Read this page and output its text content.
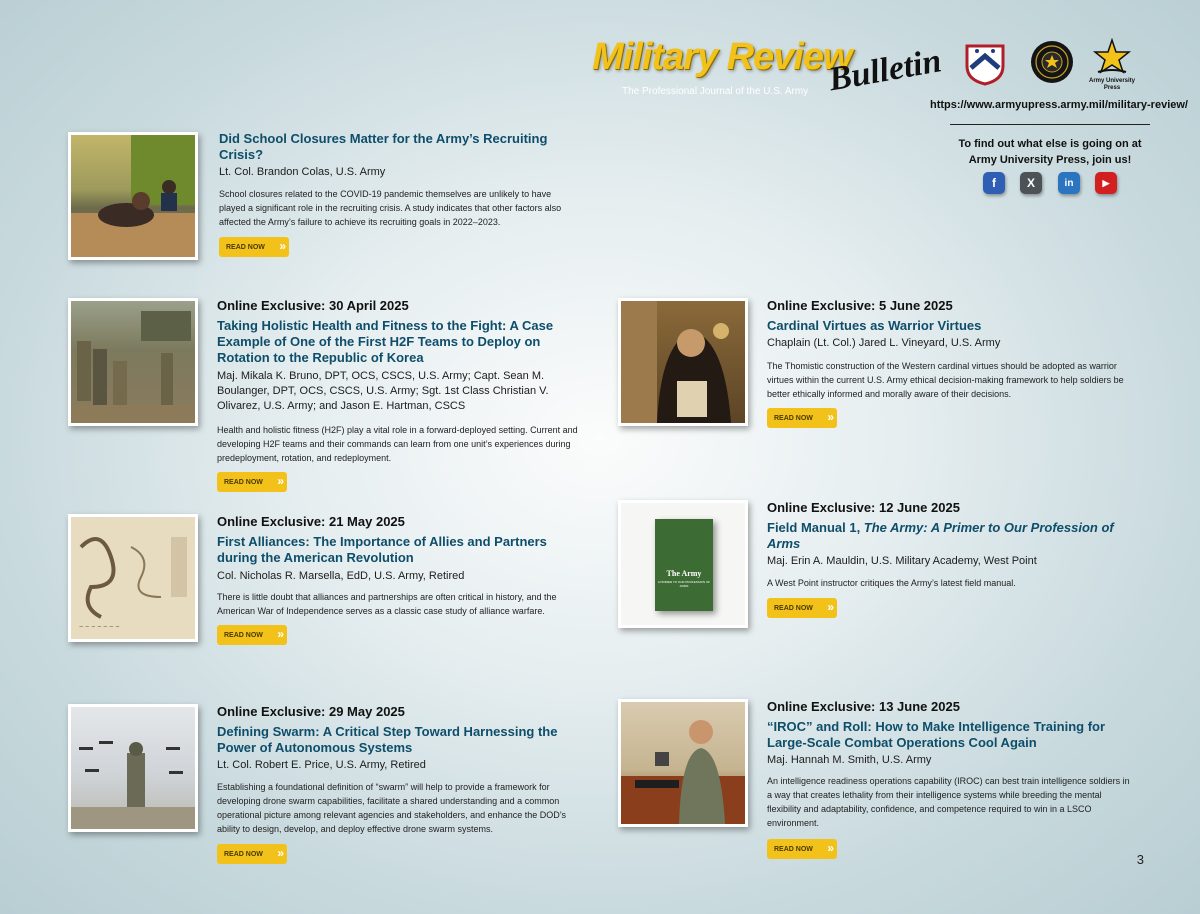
Military Review
Bulletin
The Professional Journal of the U.S. Army
Army University Press
https://www.armyupress.army.mil/military-review/
To find out what else is going on at Army University Press, join us!
f	X	in	▶
Did School Closures Matter for the Army’s Recruiting Crisis?
Lt. Col. Brandon Colas, U.S. Army
School closures related to the COVID-19 pandemic themselves are unlikely to have played a significant role in the recruiting crisis. A study indicates that other factors also affected the Army’s failure to achieve its recruiting goals in 2022–2023.
READ NOW »
Online Exclusive: 30 April 2025
Taking Holistic Health and Fitness to the Fight: A Case Example of One of the First H2F Teams to Deploy on Rotation to the Republic of Korea
Maj. Mikala K. Bruno, DPT, OCS, CSCS, U.S. Army; Capt. Sean M. Boulanger, DPT, OCS, CSCS, U.S. Army; Sgt. 1st Class Christian V. Olivarez, U.S. Army; and Jason E. Hartman, CSCS
Health and holistic fitness (H2F) play a vital role in a forward-deployed setting. Current and developing H2F teams and their commands can learn from one unit’s experiences during predeployment, rotation, and redeployment.
READ NOW »
~ ~ ~ ~ ~ ~ ~
Online Exclusive: 21 May 2025
First Alliances: The Importance of Allies and Partners during the American Revolution
Col. Nicholas R. Marsella, EdD, U.S. Army, Retired
There is little doubt that alliances and partnerships are often critical in history, and the American War of Independence serves as a classic case study of alliance warfare.
READ NOW »
Online Exclusive: 29 May 2025
Defining Swarm: A Critical Step Toward Harnessing the Power of Autonomous Systems
Lt. Col. Robert E. Price, U.S. Army, Retired
Establishing a foundational definition of “swarm” will help to provide a framework for developing drone swarm capabilities, facilitate a shared understanding and a common operational picture among relevant agencies and stakeholders, and enhance the DOD’s ability to design, develop, and deploy effective drone swarm systems.
READ NOW »
Online Exclusive: 5 June 2025
Cardinal Virtues as Warrior Virtues
Chaplain (Lt. Col.) Jared L. Vineyard, U.S. Army
The Thomistic construction of the Western cardinal virtues should be adopted as warrior virtues within the current U.S. Army ethical decision-making framework to help soldiers be better ethically informed and morally aware of their decisions.
READ NOW »
The Army
A PRIMER TO OUR PROFESSION OF ARMS
Online Exclusive: 12 June 2025
Field Manual 1, The Army: A Primer to Our Profession of Arms
Maj. Erin A. Mauldin, U.S. Military Academy, West Point
A West Point instructor critiques the Army’s latest field manual.
READ NOW »
Online Exclusive: 13 June 2025
“IROC” and Roll: How to Make Intelligence Training for Large-Scale Combat Operations Cool Again
Maj. Hannah M. Smith, U.S. Army
An intelligence readiness operations capability (IROC) can best train intelligence soldiers in a way that creates lethality from their intelligence systems while breeding the mental flexibility and adaptability, confidence, and competence required to win in a LSCO environment.
READ NOW »
3
